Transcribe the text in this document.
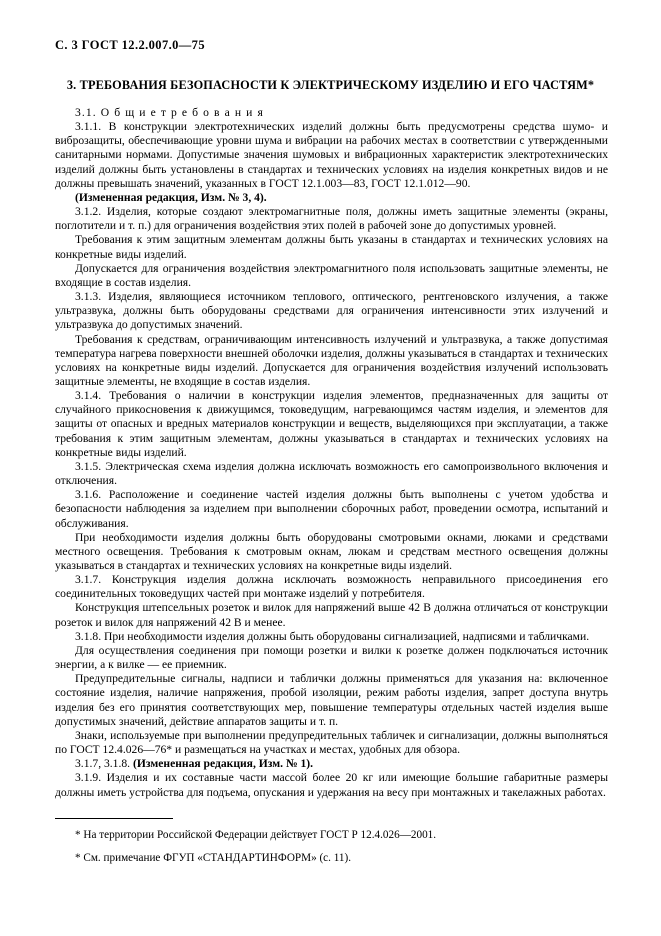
С. 3 ГОСТ 12.2.007.0—75
3. ТРЕБОВАНИЯ БЕЗОПАСНОСТИ К ЭЛЕКТРИЧЕСКОМУ ИЗДЕЛИЮ И ЕГО ЧАСТЯМ*

3.1. О б щ и е т р е б о в а н и я

3.1.1. В конструкции электротехнических изделий должны быть предусмотрены средства шумо- и виброзащиты, обеспечивающие уровни шума и вибрации на рабочих местах в соответствии с утвержденными санитарными нормами. Допустимые значения шумовых и вибрационных характеристик электротехнических изделий должны быть установлены в стандартах и технических условиях на изделия конкретных видов и не должны превышать значений, указанных в ГОСТ 12.1.003—83, ГОСТ 12.1.012—90.

(Измененная редакция, Изм. № 3, 4).

3.1.2. Изделия, которые создают электромагнитные поля, должны иметь защитные элементы (экраны, поглотители и т. п.) для ограничения воздействия этих полей в рабочей зоне до допустимых уровней.

Требования к этим защитным элементам должны быть указаны в стандартах и технических условиях на конкретные виды изделий.

Допускается для ограничения воздействия электромагнитного поля использовать защитные элементы, не входящие в состав изделия.

3.1.3. Изделия, являющиеся источником теплового, оптического, рентгеновского излучения, а также ультразвука, должны быть оборудованы средствами для ограничения интенсивности этих излучений и ультразвука до допустимых значений.

Требования к средствам, ограничивающим интенсивность излучений и ультразвука, а также допустимая температура нагрева поверхности внешней оболочки изделия, должны указываться в стандартах и технических условиях на конкретные виды изделий. Допускается для ограничения воздействия излучений использовать защитные элементы, не входящие в состав изделия.

3.1.4. Требования о наличии в конструкции изделия элементов, предназначенных для защиты от случайного прикосновения к движущимся, токоведущим, нагревающимся частям изделия, и элементов для защиты от опасных и вредных материалов конструкции и веществ, выделяющихся при эксплуатации, а также требования к этим защитным элементам, должны указываться в стандартах и технических условиях на конкретные виды изделий.

3.1.5. Электрическая схема изделия должна исключать возможность его самопроизвольного включения и отключения.

3.1.6. Расположение и соединение частей изделия должны быть выполнены с учетом удобства и безопасности наблюдения за изделием при выполнении сборочных работ, проведении осмотра, испытаний и обслуживания.

При необходимости изделия должны быть оборудованы смотровыми окнами, люками и средствами местного освещения. Требования к смотровым окнам, люкам и средствам местного освещения должны указываться в стандартах и технических условиях на конкретные виды изделий.

3.1.7. Конструкция изделия должна исключать возможность неправильного присоединения его соединительных токоведущих частей при монтаже изделий у потребителя.

Конструкция штепсельных розеток и вилок для напряжений выше 42 В должна отличаться от конструкции розеток и вилок для напряжений 42 В и менее.

3.1.8. При необходимости изделия должны быть оборудованы сигнализацией, надписями и табличками.

Для осуществления соединения при помощи розетки и вилки к розетке должен подключаться источник энергии, а к вилке — ее приемник.

Предупредительные сигналы, надписи и таблички должны применяться для указания на: включенное состояние изделия, наличие напряжения, пробой изоляции, режим работы изделия, запрет доступа внутрь изделия без его принятия соответствующих мер, повышение температуры отдельных частей изделия выше допустимых значений, действие аппаратов защиты и т. п.

Знаки, используемые при выполнении предупредительных табличек и сигнализации, должны выполняться по ГОСТ 12.4.026—76* и размещаться на участках и местах, удобных для обзора.

3.1.7, 3.1.8. (Измененная редакция, Изм. № 1).

3.1.9. Изделия и их составные части массой более 20 кг или имеющие большие габаритные размеры должны иметь устройства для подъема, опускания и удержания на весу при монтажных и такелажных работах.

* На территории Российской Федерации действует ГОСТ Р 12.4.026—2001.

* См. примечание ФГУП «СТАНДАРТИНФОРМ» (с. 11).
